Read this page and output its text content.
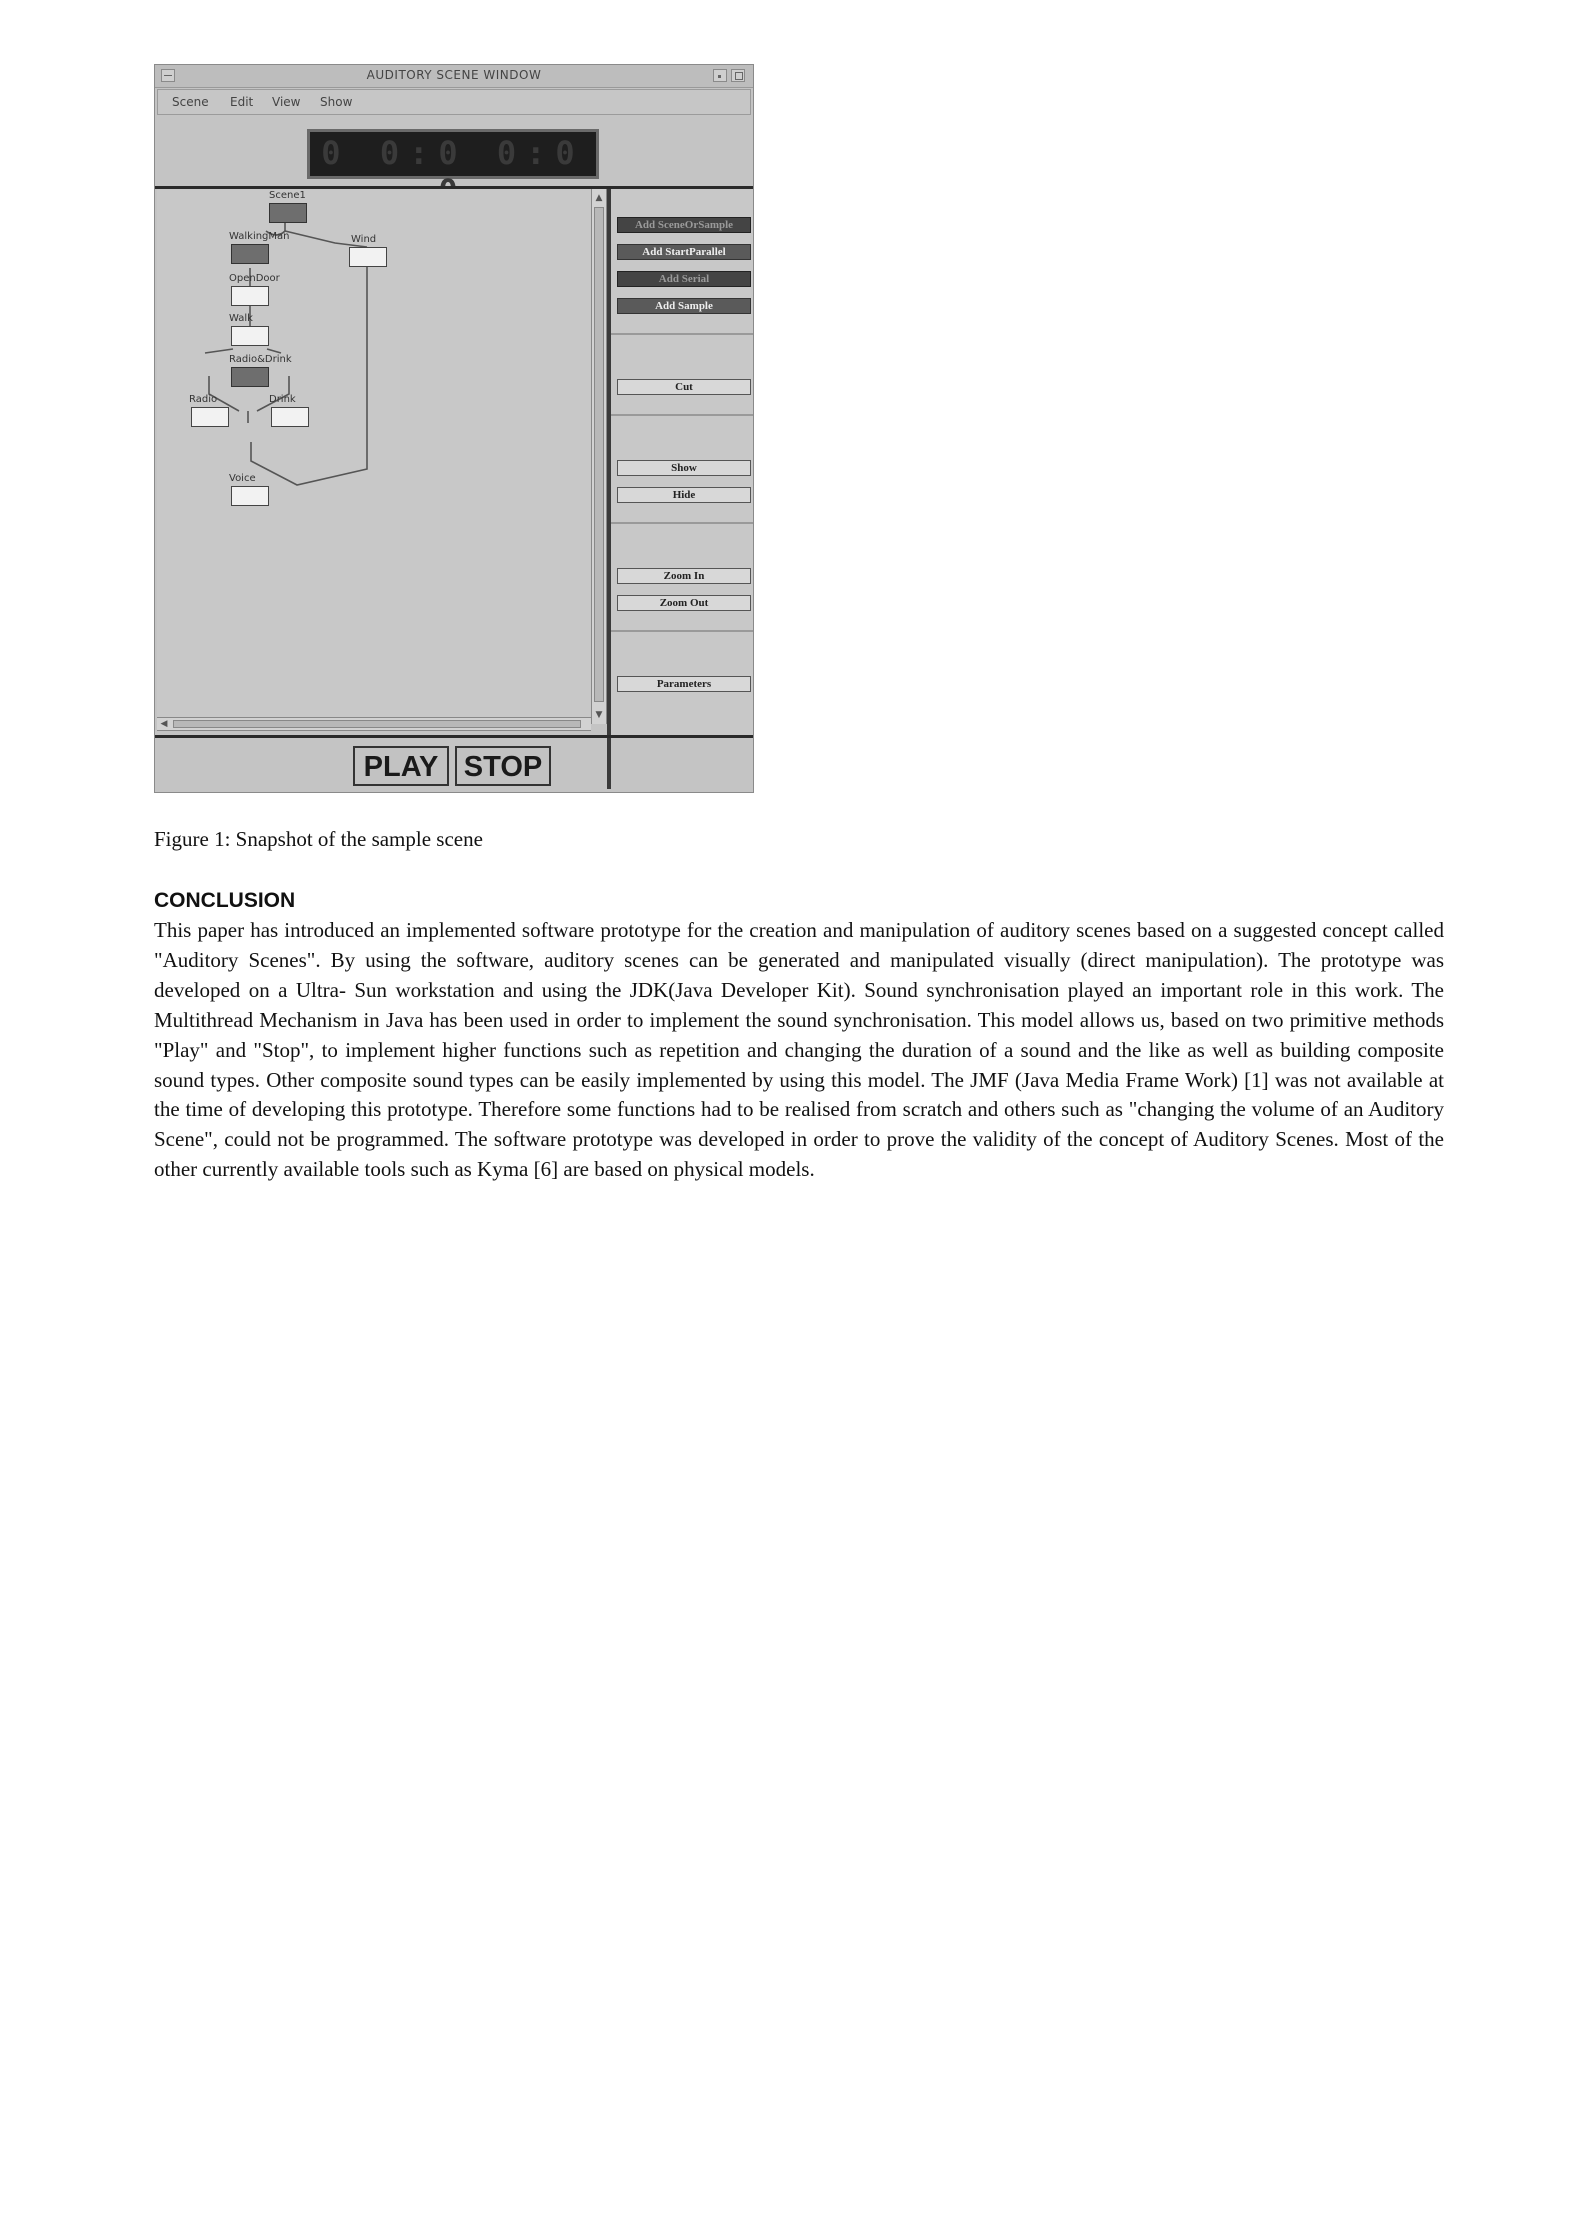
AUDITORY SCENE WINDOW
Scene Edit View Show
0 0:0 0:0
Scene1
WalkingMan	Wind
OpenDoor
Walk
Radio&Drink
Radio	Drink
Voice
▲
▼
◀
Add SceneOrSample
Add StartParallel
Add Serial
Add Sample
Cut
Show
Hide
Zoom In
Zoom Out
Parameters
PLAY STOP
Figure 1: Snapshot of the sample scene
CONCLUSION
This paper has introduced an implemented software prototype for the creation and manipulation of auditory scenes based on a suggested concept called "Auditory Scenes". By using the software, auditory scenes can be generated and manipulated visually (direct manipulation). The prototype was developed on a Ultra- Sun workstation and using the JDK(Java Developer Kit). Sound synchronisation played an important role in this work. The Multithread Mechanism in Java has been used in order to implement the sound synchronisation. This model allows us, based on two primitive methods "Play" and "Stop", to implement higher functions such as repetition and changing the duration of a sound and the like as well as building composite sound types. Other composite sound types can be easily implemented by using this model. The JMF (Java Media Frame Work) [1] was not available at the time of developing this prototype. Therefore some functions had to be realised from scratch and others such as "changing the volume of an Auditory Scene", could not be programmed. The software prototype was developed in order to prove the validity of the concept of Auditory Scenes. Most of the other currently available tools such as Kyma [6] are based on physical models.
